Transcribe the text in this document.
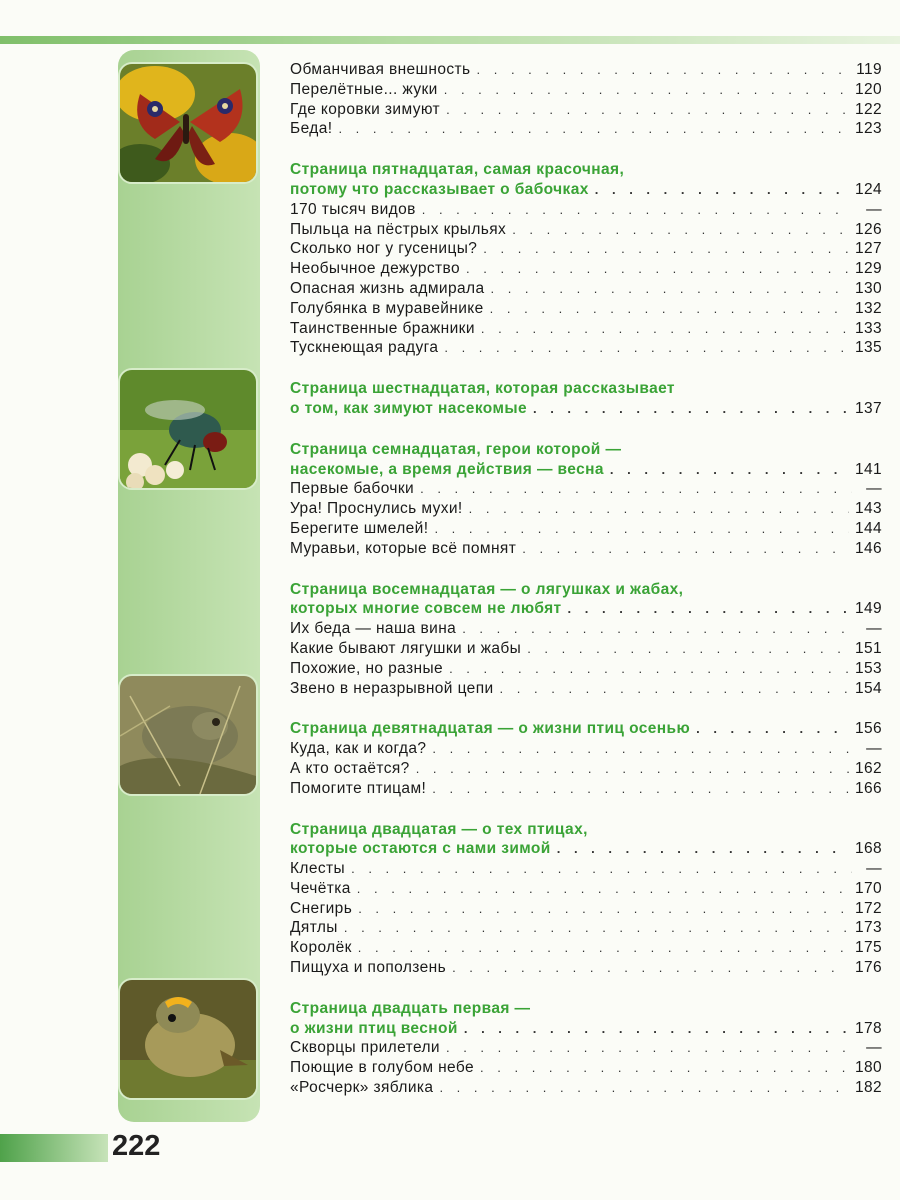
Обманчивая внешность . . .	119
Перелётные... жуки . . .	120
Где коровки зимуют . . .	122
Беда! . . .	123
Страница пятнадцатая, самая красочная,
потому что рассказывает о бабочках . . .	124
170 тысяч видов . . .	—
Пыльца на пёстрых крыльях . . .	126
Сколько ног у гусеницы? . . .	127
Необычное дежурство . . .	129
Опасная жизнь адмирала . . .	130
Голубянка в муравейнике . . .	132
Таинственные бражники . . .	133
Тускнеющая радуга . . .	135
Страница шестнадцатая, которая рассказывает
о том, как зимуют насекомые . . .	137
Страница семнадцатая, герои которой —
насекомые, а время действия — весна . . .	141
Первые бабочки . . .	—
Ура! Проснулись мухи! . . .	143
Берегите шмелей! . . .	144
Муравьи, которые всё помнят . . .	146
Страница восемнадцатая — о лягушках и жабах,
которых многие совсем не любят . . .	149
Их беда — наша вина . . .	—
Какие бывают лягушки и жабы . . .	151
Похожие, но разные . . .	153
Звено в неразрывной цепи . . .	154
Страница девятнадцатая — о жизни птиц осенью . . .	156
Куда, как и когда? . . .	—
А кто остаётся? . . .	162
Помогите птицам! . . .	166
Страница двадцатая — о тех птицах,
которые остаются с нами зимой . . .	168
Клесты . . .	—
Чечётка . . .	170
Снегирь . . .	172
Дятлы . . .	173
Королёк . . .	175
Пищуха и поползень . . .	176
Страница двадцать первая —
о жизни птиц весной . . .	178
Скворцы прилетели . . .	—
Поющие в голубом небе . . .	180
«Росчерк» зяблика . . .	182
222
